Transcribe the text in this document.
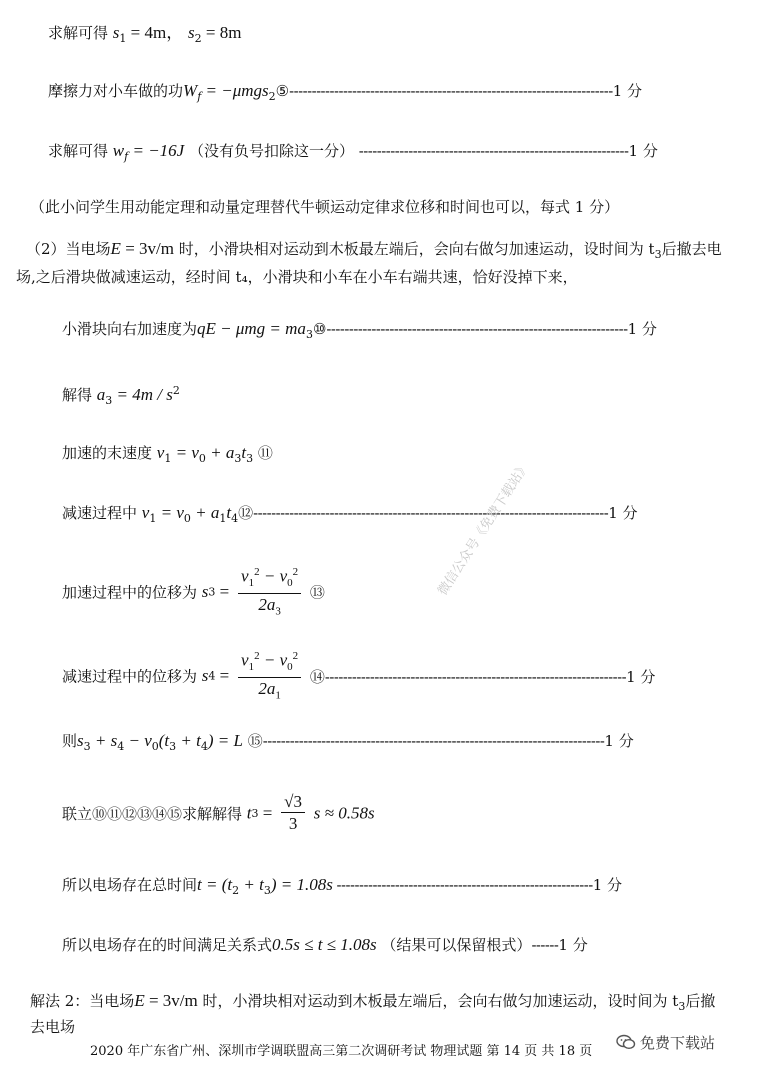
求解可得 $s_1 = 4m$， $s_2 = 8m$
摩擦力对小车做的功$W_f$ = −μmgs$_2$⑤------------------------------------------------------------------------1 分
求解可得 $w_f = -16J$ （没有负号扣除这一分） ------------------------------------------------------------1 分
（此小问学生用动能定理和动量定理替代牛顿运动定律求位移和时间也可以，每式 1 分）
（2）当电场E = 3v/m 时，小滑块相对运动到木板最左端后，会向右做匀加速运动，设时间为 $t_3$后撤去电
场,之后滑块做减速运动，经时间 t₄，小滑块和小车在小车右端共速，恰好没掉下来，
小滑块向右加速度为qE − $\mu mg = ma_3⑩-------------------------------------------------------------------1$ 分
解得 $a_3 = 4m / s^2$
加速的末速度 $v_1 = v_0 + a_3t_3$ ⑪
减速过程中 $v_1 = v_0$ + $a_1t_4⑫-------------------------------------------------------------------------------1$ 分
加速过程中的位移为 $s3 = \frac{v_1^2 - v_0^2}{2a_3}$ ⑬
减速过程中的位移为 $s4 = \frac{v_1^2 - v_0^2}{2a_1}$ ⑭-------------------------------------------------------------------1 分
则$s_3 + s_4 - v_0(t_3 + t_4) = L$ ⑮----------------------------------------------------------------------------1 分
联立⑩⑪⑫⑬⑭⑮求解解得 $t3 = \frac{√3}{3}$ s ≈ 0.58s
所以电场存在总时间$t = (t_2 + t_3) = 1.08s$ ---------------------------------------------------------1 分
所以电场存在的时间满足关系式0.5s ≤ t ≤ 1.08s （结果可以保留根式）------1 分
解法 2：当电场E = 3v/m 时，小滑块相对运动到木板最左端后，会向右做匀加速运动，设时间为 $t_3$后撤
去电场
微信公众号《免费下载站》
2020 年广东省广州、深圳市学调联盟高三第二次调研考试 物理试题 第 14 页 共 18 页	免费下载站
